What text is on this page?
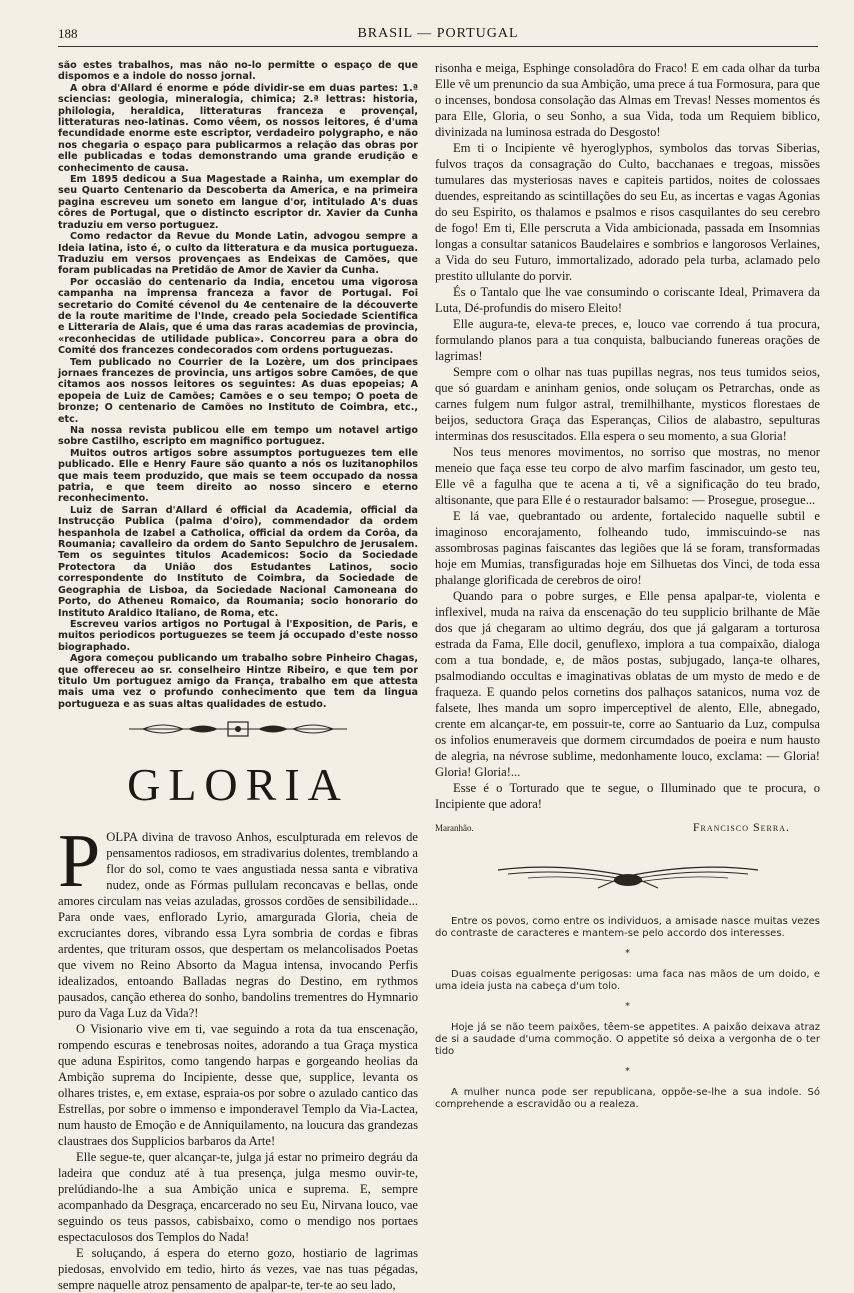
188	BRASIL — PORTUGAL

são estes trabalhos, mas não no-lo permitte o espaço de que dispomos e a indole do nosso jornal.

A obra d'Allard é enorme e póde dividir-se em duas partes: 1.ª sciencias: geologia, mineralogia, chimica; 2.ª lettras: historia, philologia, heraldica, litteraturas franceza e provençal, litteraturas neo-latinas. Como vêem, os nossos leitores, é d'uma fecundidade enorme este escriptor, verdadeiro polygrapho, e não nos chegaria o espaço para publicarmos a relação das obras por elle publicadas e todas demonstrando uma grande erudição e conhecimento de causa.

Em 1895 dedicou a Sua Magestade a Rainha, um exemplar do seu Quarto Centenario da Descoberta da America, e na primeira pagina escreveu um soneto em langue d'or, intitulado A's duas côres de Portugal, que o distincto escriptor dr. Xavier da Cunha traduziu em verso portuguez.

Como redactor da Revue du Monde Latin, advogou sempre a Ideia latina, isto é, o culto da litteratura e da musica portugueza. Traduziu em versos provençaes as Endeixas de Camões, que foram publicadas na Pretidão de Amor de Xavier da Cunha.

Por occasião do centenario da India, encetou uma vigorosa campanha na imprensa franceza a favor de Portugal. Foi secretario do Comité cévenol du 4e centenaire de la découverte de la route maritime de l'Inde, creado pela Sociedade Scientifica e Litteraria de Alais, que é uma das raras academias de provincia, «reconhecidas de utilidade publica». Concorreu para a obra do Comité dos francezes condecorados com ordens portuguezas.

Tem publicado no Courrier de la Lozère, um dos principaes jornaes francezes de provincia, uns artigos sobre Camões, de que citamos aos nossos leitores os seguintes: As duas epopeias; A epopeia de Luiz de Camões; Camões e o seu tempo; O poeta de bronze; O centenario de Camões no Instituto de Coimbra, etc., etc.

Na nossa revista publicou elle em tempo um notavel artigo sobre Castilho, escripto em magnifico portuguez.

Muitos outros artigos sobre assumptos portuguezes tem elle publicado. Elle e Henry Faure são quanto a nós os luzitanophilos que mais teem produzido, que mais se teem occupado da nossa patria, e que teem direito ao nosso sincero e eterno reconhecimento.

Luiz de Sarran d'Allard é official da Academia, official da Instrucção Publica (palma d'oiro), commendador da ordem hespanhola de Izabel a Catholica, official da ordem da Corôa, da Roumania; cavalleiro da ordem do Santo Sepulchro de Jerusalem. Tem os seguintes titulos Academicos: Socio da Sociedade Protectora da União dos Estudantes Latinos, socio correspondente do Instituto de Coimbra, da Sociedade de Geographia de Lisboa, da Sociedade Nacional Camoneana do Porto, do Atheneu Romaico, da Roumania; socio honorario do Instituto Araldico Italiano, de Roma, etc.

Escreveu varios artigos no Portugal à l'Exposition, de Paris, e muitos periodicos portuguezes se teem já occupado d'este nosso biographado.

Agora começou publicando um trabalho sobre Pinheiro Chagas, que offereceu ao sr. conselheiro Hintze Ribeiro, e que tem por titulo Um portuguez amigo da França, trabalho em que attesta mais uma vez o profundo conhecimento que tem da lingua portugueza e as suas altas qualidades de estudo.

GLORIA
P OLPA divina de travoso Anhos, esculpturada em relevos de pensamentos radiosos, em stradivarius dolentes, tremblando a flor do sol, como te vaes angustiada nessa santa e vibrativa nudez, onde as Fórmas pullulam reconcavas e bellas, onde amores circulam nas veias azuladas, grossos cordões de sensibilidade... Para onde vaes, enflorado Lyrio, amargurada Gloria, cheia de excruciantes dores, vibrando essa Lyra sombria de cordas e fibras ardentes, que trituram ossos, que despertam os melancolisados Poetas que vivem no Reino Absorto da Magua intensa, invocando Perfis idealizados, entoando Balladas negras do Destino, em rythmos pausados, canção etherea do sonho, bandolins trementres do Hymnario puro da Vaga Luz da Vida?!

O Visionario vive em ti, vae seguindo a rota da tua enscenação, rompendo escuras e tenebrosas noites, adorando a tua Graça mystica que aduna Espiritos, como tangendo harpas e gorgeando heolias da Ambição suprema do Incipiente, desse que, supplice, levanta os olhares tristes, e, em extase, espraia-os por sobre o azulado cantico das Estrellas, por sobre o immenso e imponderavel Templo da Via-Lactea, num hausto de Emoção e de Anniquilamento, na loucura das grandezas claustraes dos Supplicios barbaros da Arte!

Elle segue-te, quer alcançar-te, julga já estar no primeiro degráu da ladeira que conduz até à tua presença, julga mesmo ouvir-te, prelúdiando-lhe a sua Ambição unica e suprema. E, sempre acompanhado da Desgraça, encarcerado no seu Eu, Nirvana louco, vae seguindo os teus passos, cabisbaixo, como o mendigo nos portaes espectaculosos dos Templos do Nada!

E soluçando, á espera do eterno gozo, hostiario de lagrimas piedosas, envolvido em tedio, hirto ás vezes, vae nas tuas pégadas, sempre naquelle atroz pensamento de apalpar-te, ter-te ao seu lado,

risonha e meiga, Esphinge consoladôra do Fraco! E em cada olhar da turba Elle vê um prenuncio da sua Ambição, uma prece á tua Formosura, para que o incenses, bondosa consolação das Almas em Trevas! Nesses momentos és para Elle, Gloria, o seu Sonho, a sua Vida, toda um Requiem biblico, divinizada na luminosa estrada do Desgosto!

Em ti o Incipiente vê hyeroglyphos, symbolos das torvas Siberias, fulvos traços da consagração do Culto, bacchanaes e tregoas, missões tumulares das mysteriosas naves e capiteis partidos, noites de colossaes duendes, espreitando as scintillações do seu Eu, as incertas e vagas Agonias do seu Espirito, os thalamos e psalmos e risos casquilantes do seu cerebro de fogo! Em ti, Elle perscruta a Vida ambicionada, passada em Insomnias longas a consultar satanicos Baudelaires e sombrios e langorosos Verlaines, a Vida do seu Futuro, immortalizado, adorado pela turba, aclamado pelo prestito ullulante do porvir.

És o Tantalo que lhe vae consumindo o coriscante Ideal, Primavera da Luta, Dé-profundis do misero Eleito!

Elle augura-te, eleva-te preces, e, louco vae correndo á tua procura, formulando planos para a tua conquista, balbuciando funereas orações de lagrimas!

Sempre com o olhar nas tuas pupillas negras, nos teus tumidos seios, que só guardam e aninham genios, onde soluçam os Petrarchas, onde as carnes fulgem num fulgor astral, tremilhilhante, mysticos florestaes de beijos, seductora Graça das Esperanças, Cilios de alabastro, sepulturas interminas dos resuscitados. Ella espera o seu momento, a sua Gloria!

Nos teus menores movimentos, no sorriso que mostras, no menor meneio que faça esse teu corpo de alvo marfim fascinador, um gesto teu, Elle vê a fagulha que te acena a ti, vê a significação do teu brado, altisonante, que para Elle é o restaurador balsamo: — Prosegue, prosegue...

E lá vae, quebrantado ou ardente, fortalecido naquelle subtil e imaginoso encorajamento, folheando tudo, immiscuindo-se nas assombrosas paginas faiscantes das legiões que lá se foram, transformadas hoje em Mumias, transfiguradas hoje em Silhuetas dos Vinci, de toda essa phalange glorificada de cerebros de oiro!

Quando para o pobre surges, e Elle pensa apalpar-te, violenta e inflexivel, muda na raiva da enscenação do teu supplicio brilhante de Mãe dos que já chegaram ao ultimo degráu, dos que já galgaram a torturosa estrada da Fama, Elle docil, genuflexo, implora a tua compaixão, dialoga com a tua bondade, e, de mãos postas, subjugado, lança-te olhares, psalmodiando occultas e imaginativas oblatas de um mysto de medo e de fraqueza. E quando pelos cornetins dos palhaços satanicos, numa voz de falsete, lhes manda um sopro imperceptivel de alento, Elle, abnegado, crente em alcançar-te, em possuir-te, corre ao Santuario da Luz, compulsa os infolios enumeraveis que dormem circumdados de poeira e num hausto de alegria, na névrose sublime, medonhamente louco, exclama: — Gloria! Gloria! Gloria!...

Esse é o Torturado que te segue, o Illuminado que te procura, o Incipiente que adora!

Maranhão.	Francisco Serra.

Entre os povos, como entre os individuos, a amisade nasce muitas vezes do contraste de caracteres e mantem-se pelo accordo dos interesses.

*

Duas coisas egualmente perigosas: uma faca nas mãos de um doido, e uma ideia justa na cabeça d'um tolo.

*

Hoje já se não teem paixões, têem-se appetites. A paixão deixava atraz de si a saudade d'uma commoção. O appetite só deixa a vergonha de o ter tido

*

A mulher nunca pode ser republicana, oppõe-se-lhe a sua indole. Só comprehende a escravidão ou a realeza.
